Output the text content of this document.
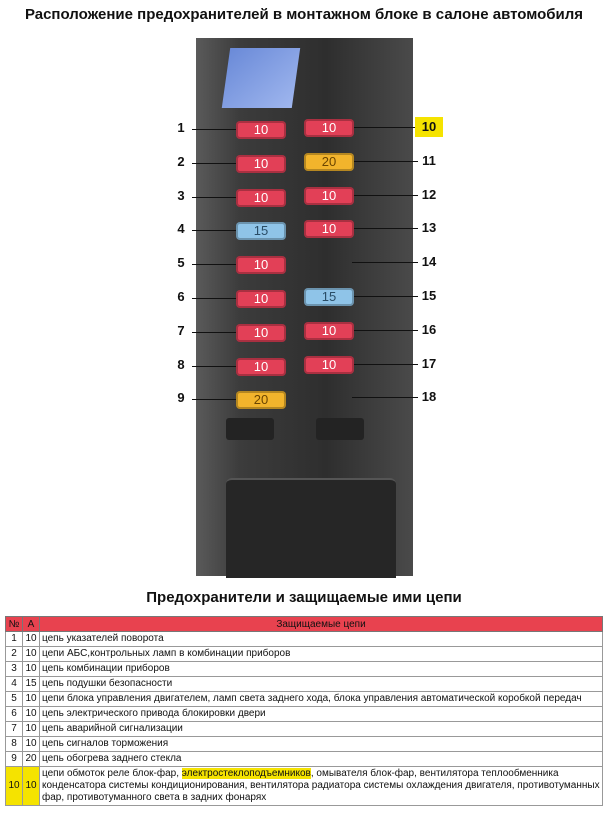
Расположение предохранителей в монтажном блоке в салоне автомобиля
1	10
2	10
3	10
4	15
5	10
6	10
7	10
8	10
9	20
10
10
11
20
12
10
13
10
14
15
15
16
10
17
10
18
Предохранители и защищаемые ими цепи
№	А	Защищаемые цепи
1	10	цепь указателей поворота
2	10	цепи АБС,контрольных ламп в комбинации приборов
3	10	цепь комбинации приборов
4	15	цепь подушки безопасности
5	10	цепи блока управления двигателем, ламп света заднего хода, блока управления автоматической коробкой передач
6	10	цепь электрического привода блокировки двери
7	10	цепь аварийной сигнализации
8	10	цепь сигналов торможения
9	20	цепь обогрева заднего стекла
10	10	цепи обмоток реле блок-фар, электростеклоподъемников, омывателя блок-фар, вентилятора теплообменника конденсатора системы кондиционирования, вентилятора радиатора системы охлаждения двигателя, противотуманных фар, противотуманного света в задних фонарях
